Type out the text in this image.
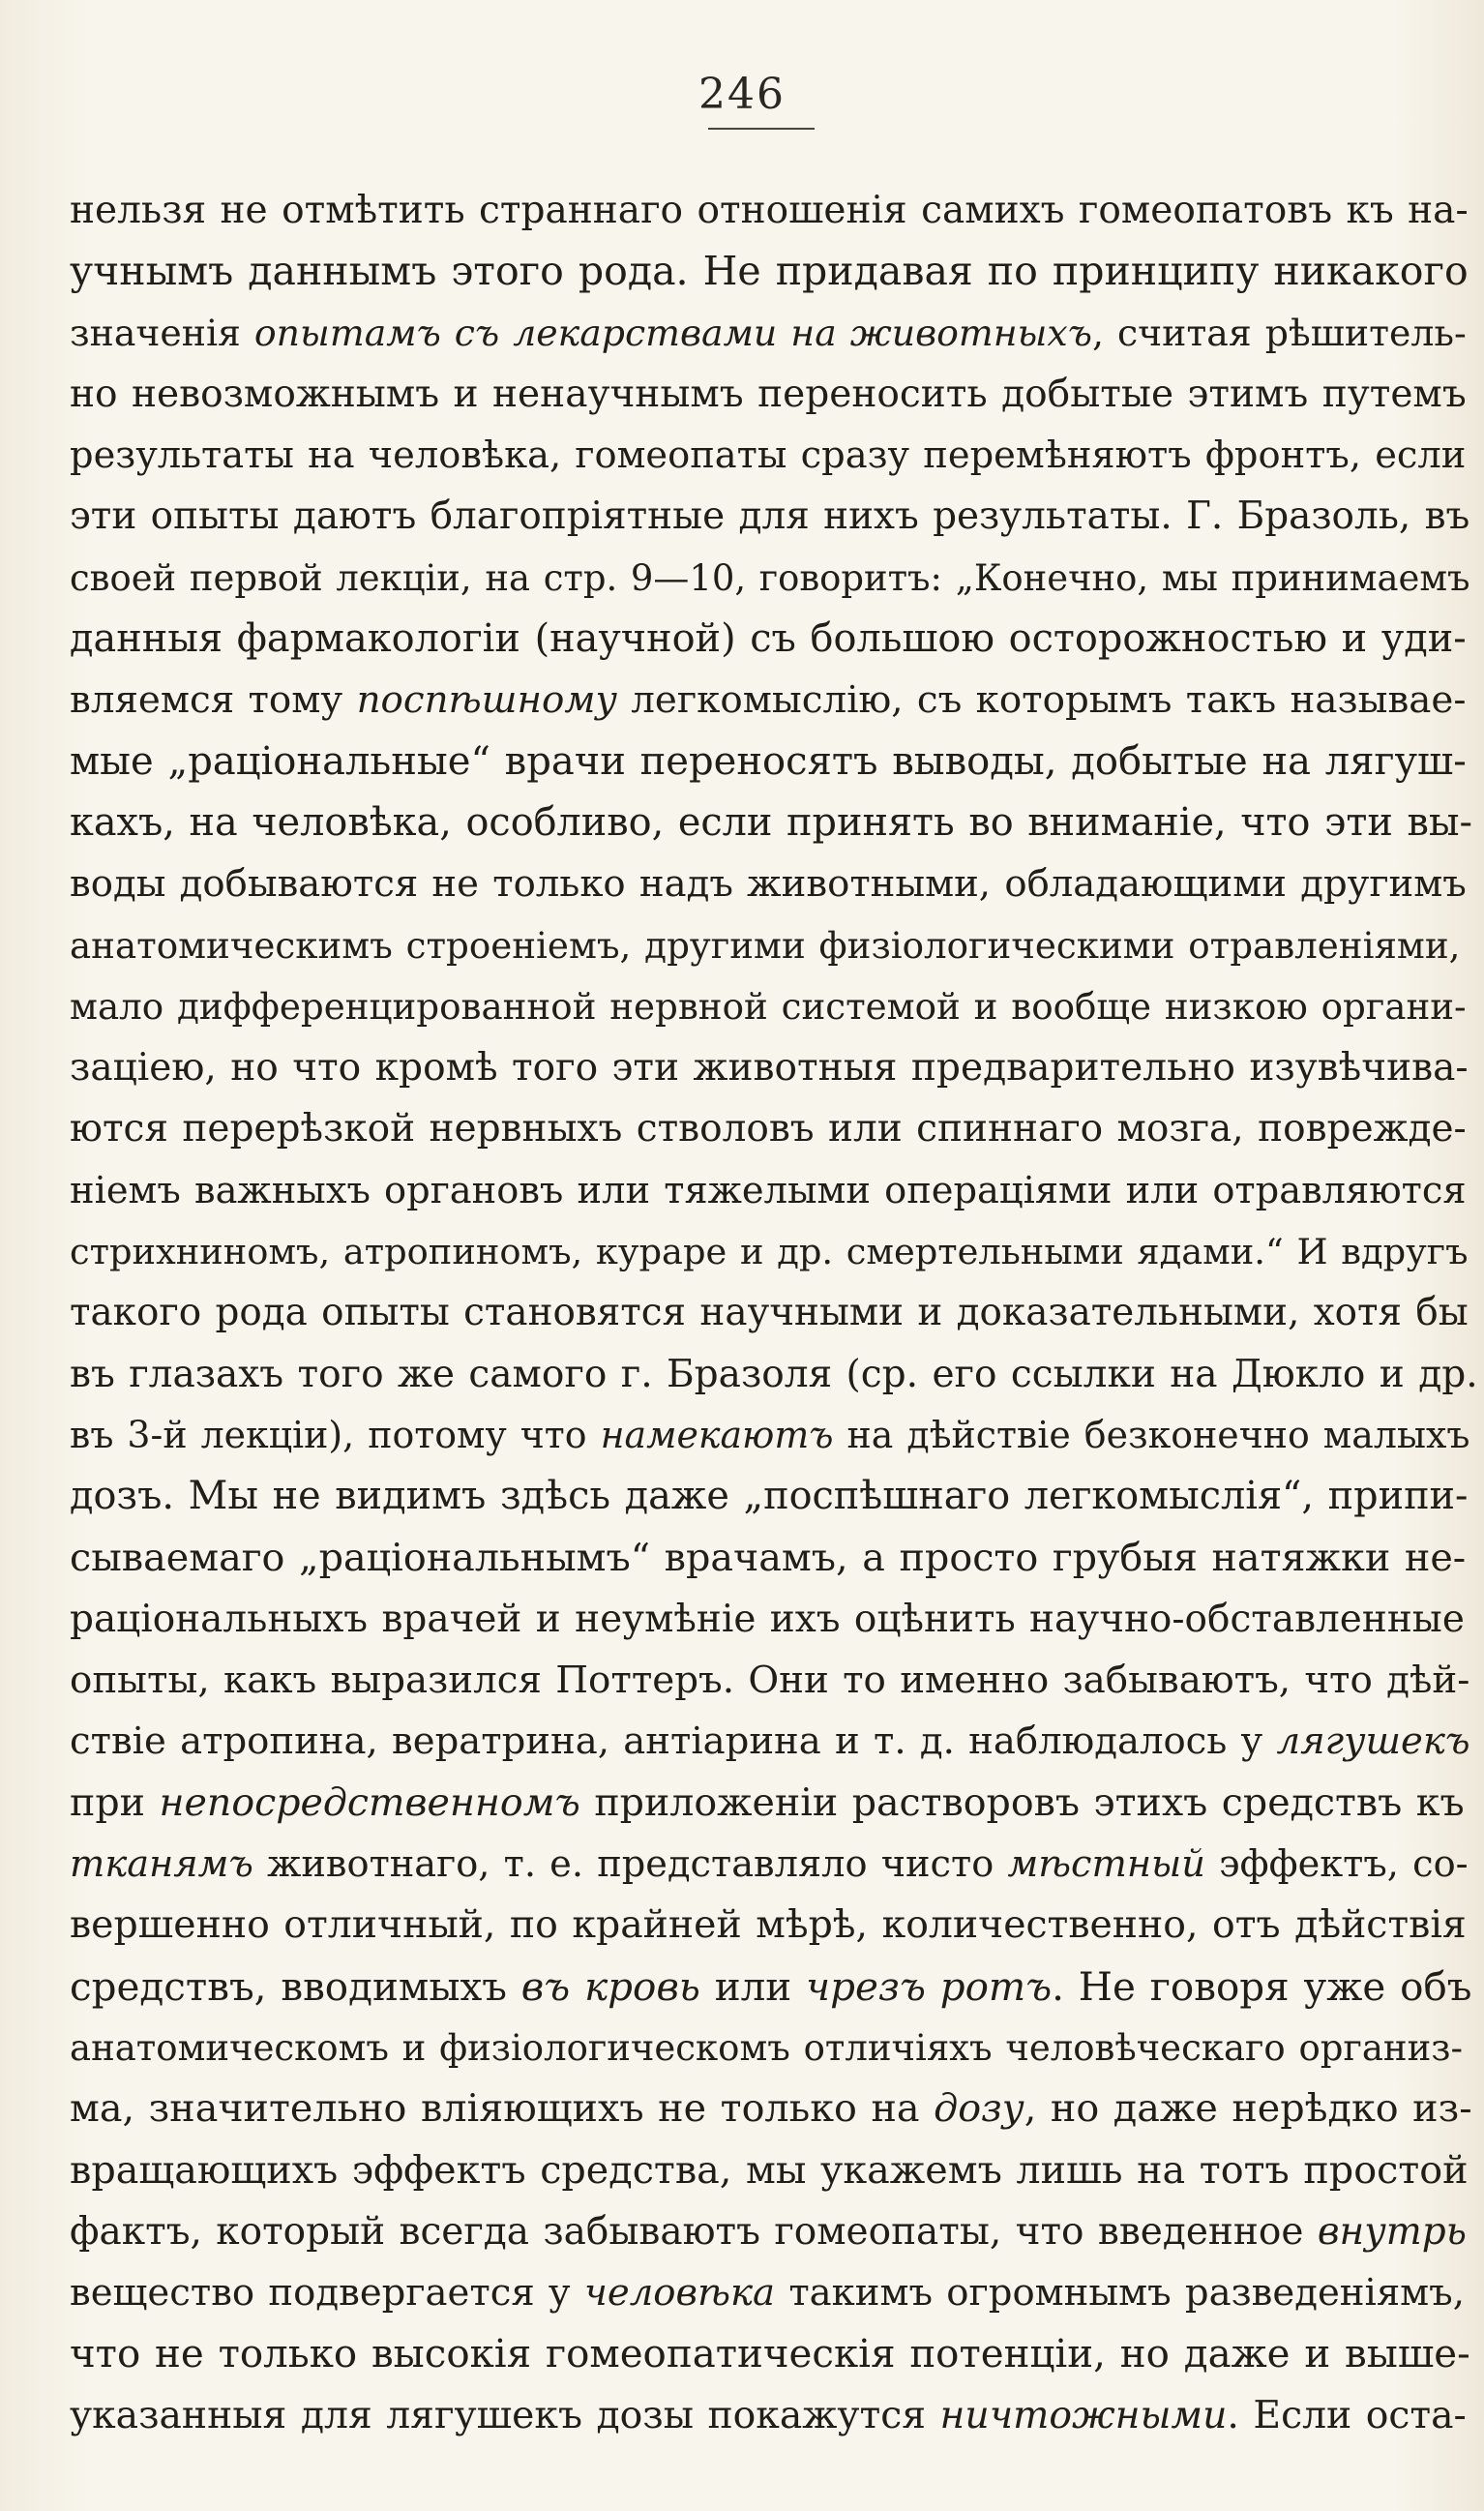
246
нельзя не отмѣтить страннаго отношенія самихъ гомеопатовъ къ на-
учнымъ даннымъ этого рода. Не придавая по принципу никакого
значенія опытамъ съ лекарствами на животныхъ, считая рѣшитель-
но невозможнымъ и ненаучнымъ переносить добытые этимъ путемъ
результаты на человѣка, гомеопаты сразу перемѣняютъ фронтъ, если
эти опыты даютъ благопріятные для нихъ результаты. Г. Бразоль, въ
своей первой лекціи, на стр. 9—10, говоритъ: „Конечно, мы принимаемъ
данныя фармакологіи (научной) съ большою осторожностью и уди-
вляемся тому поспѣшному легкомыслію, съ которымъ такъ называе-
мые „раціональные“ врачи переносятъ выводы, добытые на лягуш-
кахъ, на человѣка, особливо, если принять во вниманіе, что эти вы-
воды добываются не только надъ животными, обладающими другимъ
анатомическимъ строеніемъ, другими физіологическими отравленіями,
мало дифференцированной нервной системой и вообще низкою органи-
заціею, но что кромѣ того эти животныя предварительно изувѣчива-
ются перерѣзкой нервныхъ стволовъ или спиннаго мозга, поврежде-
ніемъ важныхъ органовъ или тяжелыми операціями или отравляются
стрихниномъ, атропиномъ, кураре и др. смертельными ядами.“ И вдругъ
такого рода опыты становятся научными и доказательными, хотя бы
въ глазахъ того же самого г. Бразоля (ср. его ссылки на Дюкло и др.
въ 3-й лекціи), потому что намекаютъ на дѣйствіе безконечно малыхъ
дозъ. Мы не видимъ здѣсь даже „поспѣшнаго легкомыслія“, припи-
сываемаго „раціональнымъ“ врачамъ, а просто грубыя натяжки не-
раціональныхъ врачей и неумѣніе ихъ оцѣнить научно-обставленные
опыты, какъ выразился Поттеръ. Они то именно забываютъ, что дѣй-
ствіе атропина, вератрина, антіарина и т. д. наблюдалось у лягушекъ
при непосредственномъ приложеніи растворовъ этихъ средствъ къ
тканямъ животнаго, т. е. представляло чисто мѣстный эффектъ, со-
вершенно отличный, по крайней мѣрѣ, количественно, отъ дѣйствія
средствъ, вводимыхъ въ кровь или чрезъ ротъ. Не говоря уже объ
анатомическомъ и физіологическомъ отличіяхъ человѣческаго организ-
ма, значительно вліяющихъ не только на дозу, но даже нерѣдко из-
вращающихъ эффектъ средства, мы укажемъ лишь на тотъ простой
фактъ, который всегда забываютъ гомеопаты, что введенное внутрь
вещество подвергается у человѣка такимъ огромнымъ разведеніямъ,
что не только высокія гомеопатическія потенціи, но даже и выше-
указанныя для лягушекъ дозы покажутся ничтожными. Если оста-
